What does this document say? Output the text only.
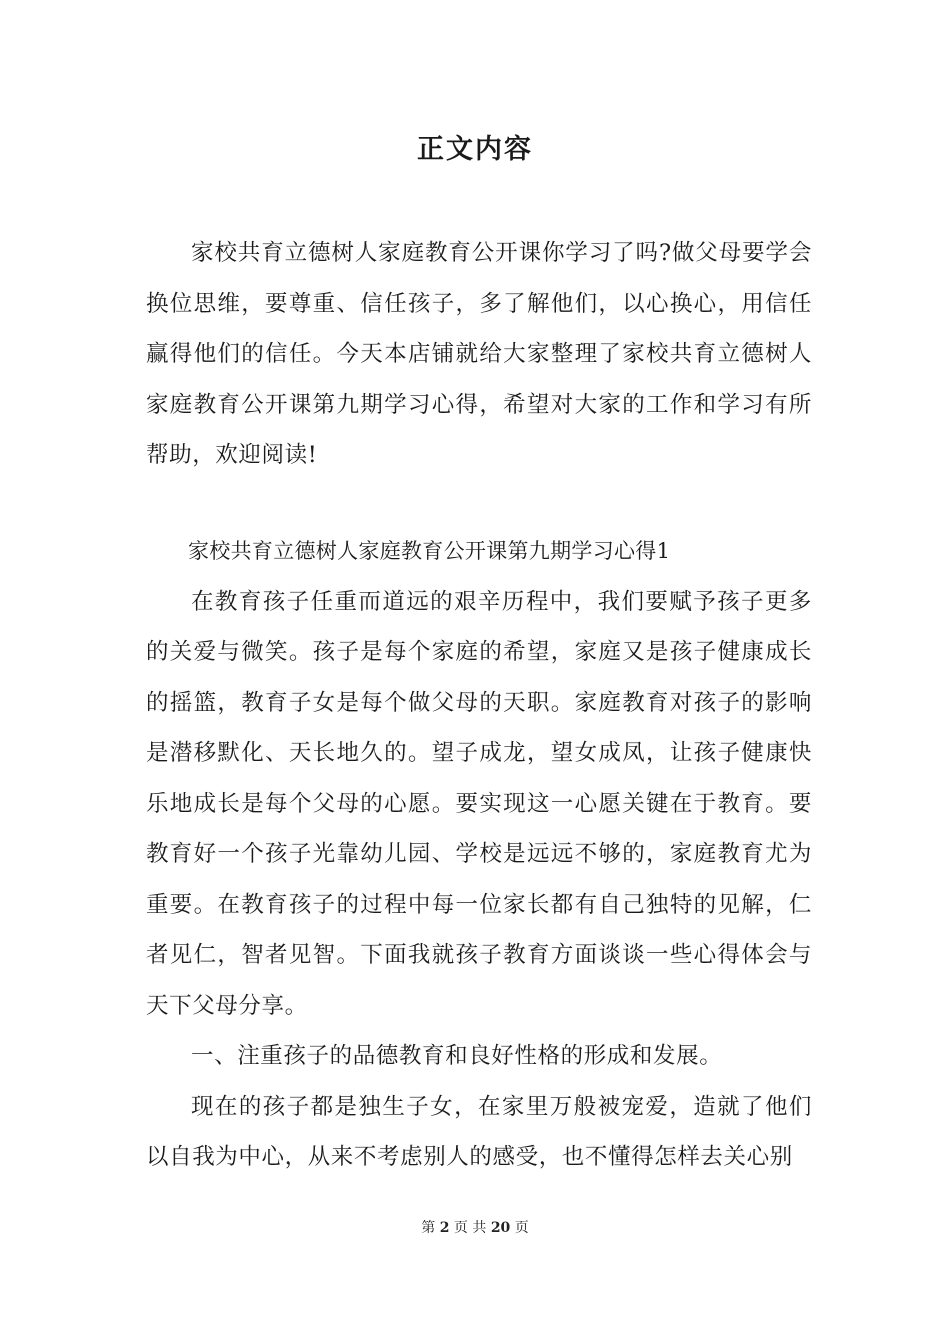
正文内容

家校共育立德树人家庭教育公开课你学习了吗?做父母要学会换位思维，要尊重、信任孩子，多了解他们，以心换心，用信任赢得他们的信任。今天本店铺就给大家整理了家校共育立德树人家庭教育公开课第九期学习心得，希望对大家的工作和学习有所帮助，欢迎阅读!

家校共育立德树人家庭教育公开课第九期学习心得1

在教育孩子任重而道远的艰辛历程中，我们要赋予孩子更多的关爱与微笑。孩子是每个家庭的希望，家庭又是孩子健康成长的摇篮，教育子女是每个做父母的天职。家庭教育对孩子的影响是潜移默化、天长地久的。望子成龙，望女成凤，让孩子健康快乐地成长是每个父母的心愿。要实现这一心愿关键在于教育。要教育好一个孩子光靠幼儿园、学校是远远不够的，家庭教育尤为重要。在教育孩子的过程中每一位家长都有自己独特的见解，仁者见仁，智者见智。下面我就孩子教育方面谈谈一些心得体会与天下父母分享。

一、注重孩子的品德教育和良好性格的形成和发展。

现在的孩子都是独生子女，在家里万般被宠爱，造就了他们以自我为中心，从来不考虑别人的感受，也不懂得怎样去关心别

第 2 页 共 20 页
